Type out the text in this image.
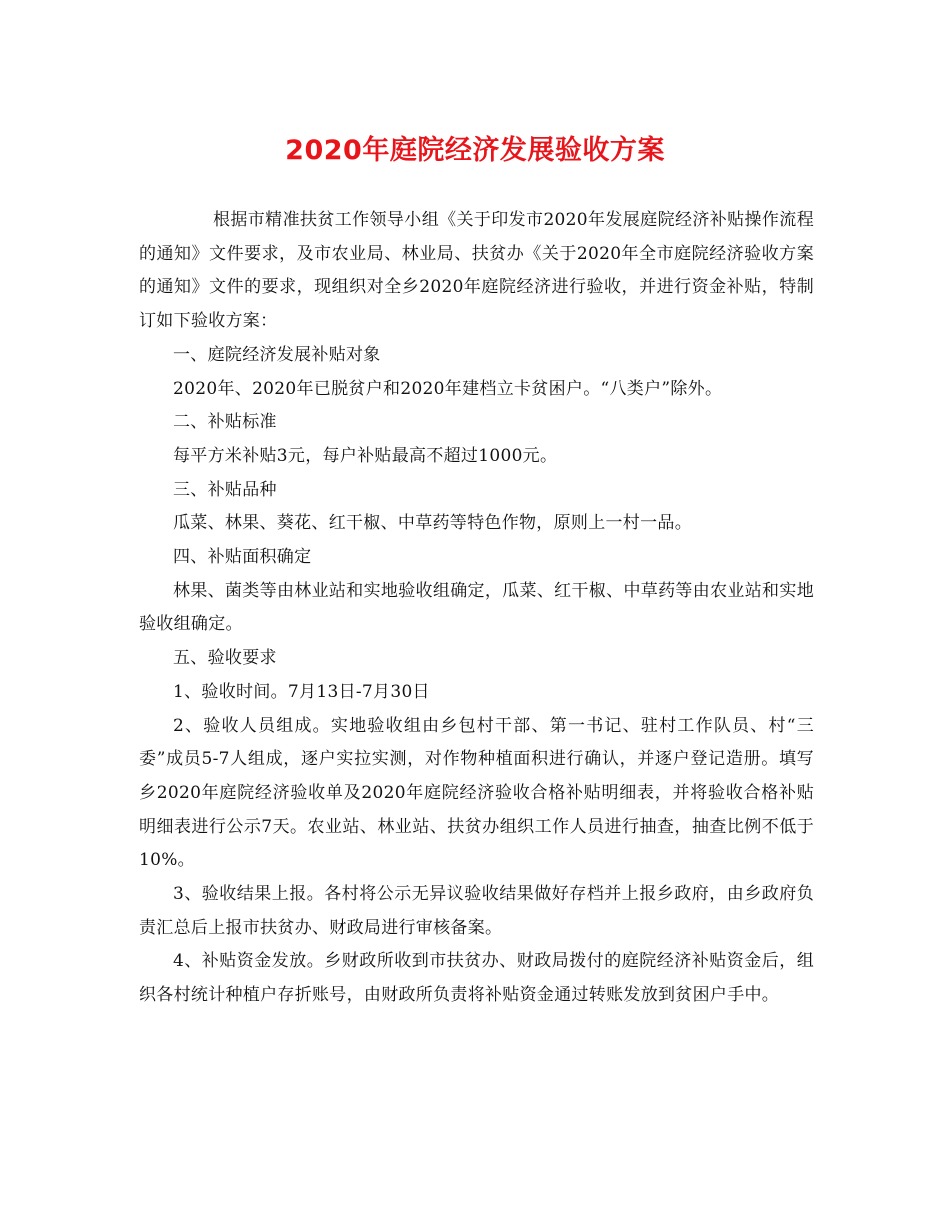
2020年庭院经济发展验收方案

根据市精准扶贫工作领导小组《关于印发市2020年发展庭院经济补贴操作流程的通知》文件要求，及市农业局、林业局、扶贫办《关于2020年全市庭院经济验收方案的通知》文件的要求，现组织对全乡2020年庭院经济进行验收，并进行资金补贴，特制订如下验收方案：

一、庭院经济发展补贴对象

2020年、2020年已脱贫户和2020年建档立卡贫困户。“八类户”除外。

二、补贴标准

每平方米补贴3元，每户补贴最高不超过1000元。

三、补贴品种

瓜菜、林果、葵花、红干椒、中草药等特色作物，原则上一村一品。

四、补贴面积确定

林果、菌类等由林业站和实地验收组确定，瓜菜、红干椒、中草药等由农业站和实地验收组确定。

五、验收要求

1、验收时间。7月13日-7月30日

2、验收人员组成。实地验收组由乡包村干部、第一书记、驻村工作队员、村“三委”成员5-7人组成，逐户实拉实测，对作物种植面积进行确认，并逐户登记造册。填写乡2020年庭院经济验收单及2020年庭院经济验收合格补贴明细表，并将验收合格补贴明细表进行公示7天。农业站、林业站、扶贫办组织工作人员进行抽查，抽查比例不低于10%。

3、验收结果上报。各村将公示无异议验收结果做好存档并上报乡政府，由乡政府负责汇总后上报市扶贫办、财政局进行审核备案。

4、补贴资金发放。乡财政所收到市扶贫办、财政局拨付的庭院经济补贴资金后，组织各村统计种植户存折账号，由财政所负责将补贴资金通过转账发放到贫困户手中。
